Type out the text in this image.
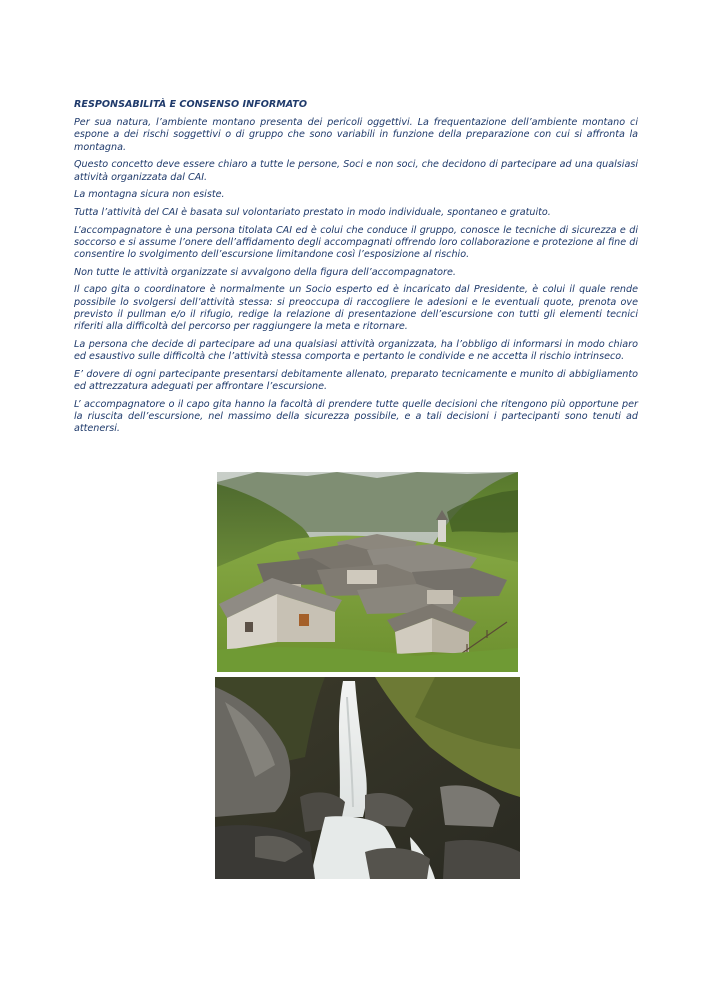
RESPONSABILITÀ E CONSENSO INFORMATO

Per sua natura, l’ambiente montano presenta dei pericoli oggettivi. La frequentazione dell’ambiente montano ci espone a dei rischi soggettivi o di gruppo che sono variabili in funzione della preparazione con cui si affronta la montagna.

Questo concetto deve essere chiaro a tutte le persone, Soci e non soci, che decidono di partecipare ad una qualsiasi attività organizzata dal CAI.

La montagna sicura non esiste.

Tutta l’attività del CAI è basata sul volontariato prestato in modo individuale, spontaneo e gratuito.

L’accompagnatore è una persona titolata CAI ed è colui che conduce il gruppo, conosce le tecniche di sicurezza e di soccorso e si assume l’onere dell’affidamento degli accompagnati offrendo loro collaborazione e protezione al fine di consentire lo svolgimento dell’escursione limitandone così l’esposizione al rischio.

Non tutte le attività organizzate si avvalgono della figura dell’accompagnatore.

Il capo gita o coordinatore è normalmente un Socio esperto ed è incaricato dal Presidente, è colui il quale rende possibile lo svolgersi dell’attività stessa: si preoccupa di raccogliere le adesioni e le eventuali quote, prenota ove previsto il pullman e/o il rifugio, redige la relazione di presentazione dell’escursione con tutti gli elementi tecnici riferiti alla difficoltà del percorso per raggiungere la meta e ritornare.

La persona che decide di partecipare ad una qualsiasi attività organizzata, ha l’obbligo di informarsi in modo chiaro ed esaustivo sulle difficoltà che l’attività stessa comporta e pertanto le condivide e ne accetta il rischio intrinseco.

E’ dovere di ogni partecipante presentarsi debitamente allenato, preparato tecnicamente e munito di abbigliamento ed attrezzatura adeguati per affrontare l’escursione.

L’ accompagnatore o il capo gita hanno la facoltà di prendere tutte quelle decisioni che ritengono più opportune per la riuscita dell’escursione, nel massimo della sicurezza possibile, e a tali decisioni i partecipanti sono tenuti ad attenersi.
